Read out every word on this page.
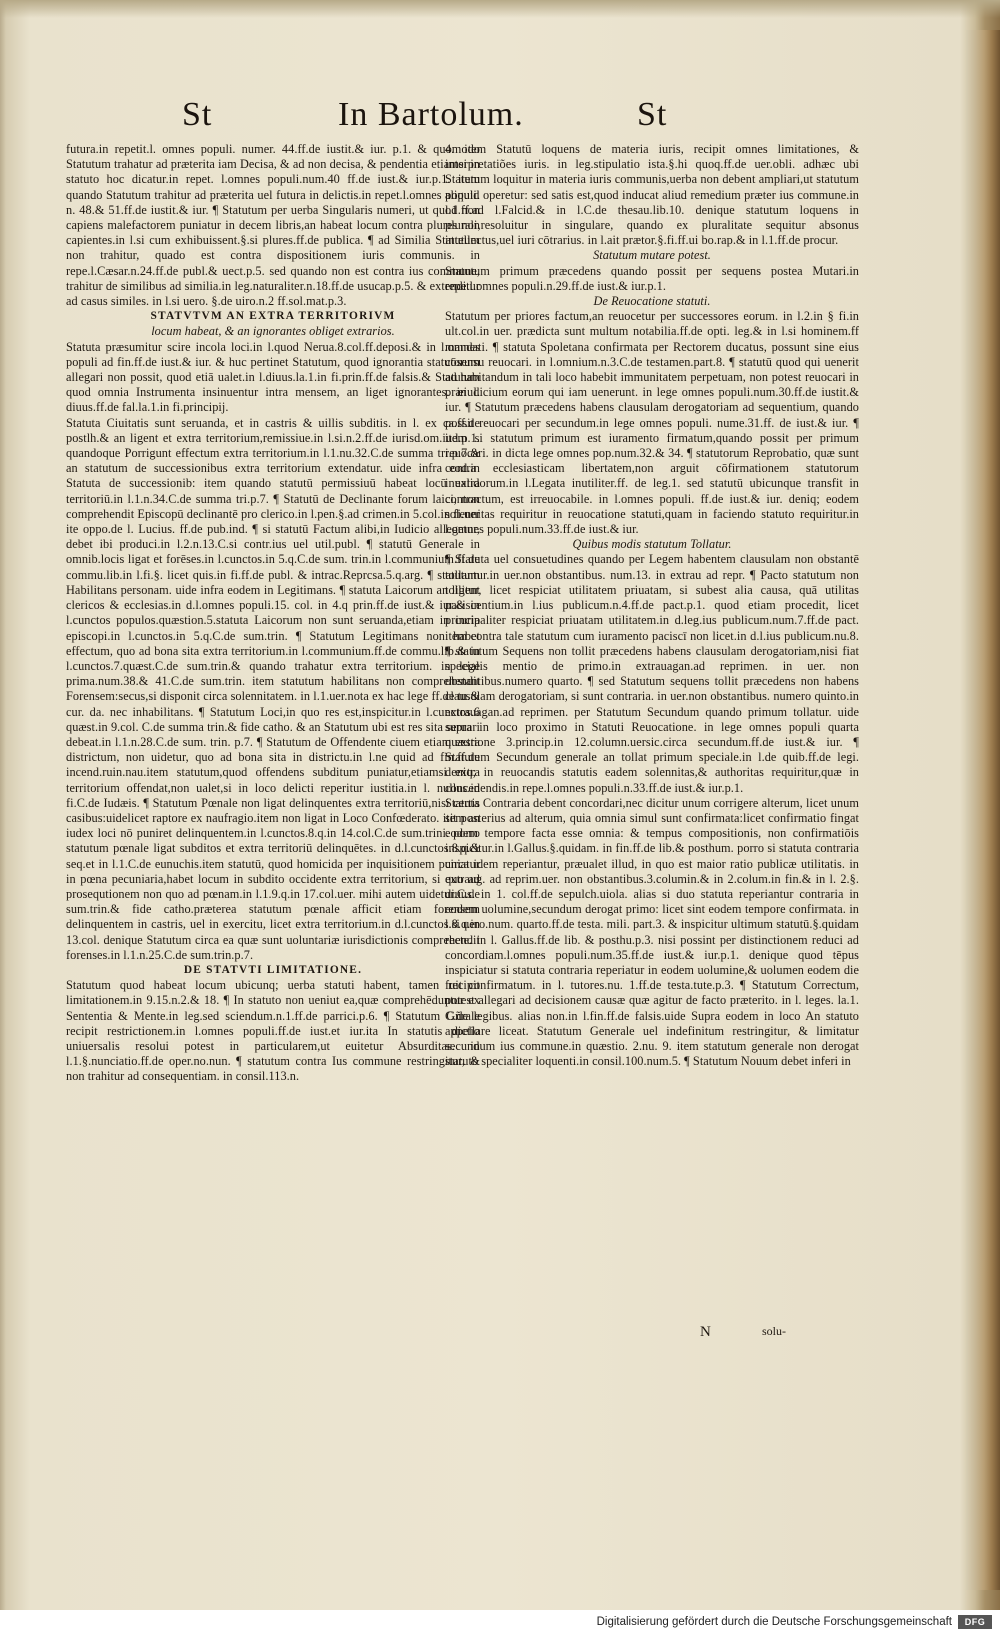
St	In Bartolum.	St

futura.in repetit.l. omnes populi. numer. 44.ff.de iustit.& iur. p.1. & quomodo Statutum trahatur ad præterita iam Decisa, & ad non decisa, & pendentia etiamsi in statuto hoc dicatur.in repet. l.omnes populi.num.40 ff.de iust.& iur.p.1. item quando Statutum trahitur ad præterita uel futura in delictis.in repet.l.omnes populi. n. 48.& 51.ff.de iustit.& iur. ¶ Statutum per uerba Singularis numeri, ut quod non capiens malefactorem puniatur in decem libris,an habeat locum contra plures non capientes.in l.si cum exhibuissent.§.si plures.ff.de publica. ¶ ad Similia Statutum non trahitur, quado est contra dispositionem iuris communis. in repe.l.Cæsar.n.24.ff.de publ.& uect.p.5. sed quando non est contra ius commune, trahitur de similibus ad similia.in leg.naturaliter.n.18.ff.de usucap.p.5. & extenditur ad casus similes. in l.si uero. §.de uiro.n.2 ff.sol.mat.p.3.

STATVTVM AN EXTRA TERRITORIVM

locum habeat, & an ignorantes obliget extrarios.

Statuta præsumitur scire incola loci.in l.quod Nerua.8.col.ff.deposi.& in l.omnes populi ad fin.ff.de iust.& iur. & huc pertinet Statutum, quod ignorantia statutorum allegari non possit, quod etiā ualet.in l.diuus.la.1.in fi.prin.ff.de falsis.& Statutum quod omnia Instrumenta insinuentur intra mensem, an liget ignorantes. in l. diuus.ff.de fal.la.1.in fi.principij.

Statuta Ciuitatis sunt seruanda, et in castris & uillis subditis. in l. ex ca.ff.de postlh.& an ligent et extra territorium,remissiue.in l.si.n.2.ff.de iurisd.om.iud.p.1. quandoque Porrigunt effectum extra territorium.in l.1.nu.32.C.de summa tri.p.7.& an statutum de successionibus extra territorium extendatur. uide infra eod.in Statuta de successionib: item quando statutū permissiuū habeat locū extra territoriū.in l.1.n.34.C.de summa tri.p.7. ¶ Statutū de Declinante forum laici, non comprehendit Episcopū declinantē pro clerico.in l.pen.§.ad crimen.in 5.col.in fi.uer ite oppo.de l. Lucius. ff.de pub.ind. ¶ si statutū Factum alibi,in Iudicio allegetur, debet ibi produci.in l.2.n.13.C.si contr.ius uel util.publ. ¶ statutū Generale in omnib.locis ligat et forēses.in l.cunctos.in 5.q.C.de sum. trin.in l.communium.ff.de commu.lib.in l.fi.§. licet quis.in fi.ff.de publ. & intrac.Reprcsa.5.q.arg. ¶ statutum Habilitans personam. uide infra eodem in Legitimans. ¶ statuta Laicorum an ligent clericos & ecclesias.in d.l.omnes populi.15. col. in 4.q prin.ff.de iust.& iur.& in l.cunctos populos.quæstion.5.statuta Laicorum non sunt seruanda,etiam in curia episcopi.in l.cunctos.in 5.q.C.de sum.trin. ¶ Statutum Legitimans non habet effectum, quo ad bona sita extra territorium.in l.communium.ff.de commu.lib.& in l.cunctos.7.quæst.C.de sum.trin.& quando trahatur extra territorium. in lege prima.num.38.& 41.C.de sum.trin. item statutum habilitans non comprehendit Forensem:secus,si disponit circa solennitatem. in l.1.uer.nota ex hac lege ff.de tu.& cur. da. nec inhabilitans. ¶ Statutum Loci,in quo res est,inspicitur.in l.cunctos.6 quæst.in 9.col. C.de summa trin.& fide catho. & an Statutum ubi est res sita seruari debeat.in l.1.n.28.C.de sum. trin. p.7. ¶ Statutum de Offendente ciuem etiam extra districtum, non uidetur, quo ad bona sita in districtu.in l.ne quid ad fin.ff.de incend.ruin.nau.item statutum,quod offendens subditum puniatur,etiamsi extra territorium offendat,non ualet,si in loco delicti reperitur iustitia.in l. nullus.in fi.C.de Iudæis. ¶ Statutum Pœnale non ligat delinquentes extra territoriū,nisi certis casibus:uidelicet raptore ex naufragio.item non ligat in Loco Confœderato. item an iudex loci nō puniret delinquentem.in l.cunctos.8.q.in 14.col.C.de sum.trini. porro statutum pœnale ligat subditos et extra territoriū delinquētes. in d.l.cunctos.8.q.& seq.et in l.1.C.de eunuchis.item statutū, quod homicida per inquisitionem puniatur in pœna pecuniaria,habet locum in subdito occidente extra territorium, si quo ad prosequtionem non quo ad pœnam.in l.1.9.q.in 17.col.uer. mihi autem uidetur.C.de sum.trin.& fide catho.præterea statutum pœnale afficit etiam forensem delinquentem in castris, uel in exercitu, licet extra territorium.in d.l.cunctos.8.q.in 13.col. denique Statutum circa ea quæ sunt uoluntariæ iurisdictionis comprehendit forenses.in l.1.n.25.C.de sum.trin.p.7.

DE STATVTI LIMITATIONE.

Statutum quod habeat locum ubicunq; uerba statuti habent, tamen recipit limitationem.in 9.15.n.2.& 18. ¶ In statuto non ueniut ea,quæ comprehēduntur ex Sententia & Mente.in leg.sed sciendum.n.1.ff.de parrici.p.6. ¶ Statutum Gñrale recipit restrictionem.in l.omnes populi.ff.de iust.et iur.ita In statutis dictio uniuersalis resolui potest in particularem,ut euitetur Absurditas. in l.1.§.nunciatio.ff.de oper.no.nun. ¶ statutum contra Ius commune restringitur, & non trahitur ad consequentiam. in consil.113.n.

4. item Statutū loquens de materia iuris, recipit omnes limitationes, & interpretatiões iuris. in leg.stipulatio ista.§.hi quoq.ff.de uer.obli. adhæc ubi Statutum loquitur in materia iuris communis,uerba non debent ampliari,ut statutum aliquid operetur: sed satis est,quod inducat aliud remedium præter ius commune.in l.1.ff.ad l.Falcid.& in l.C.de thesau.lib.10. denique statutum loquens in plurali,resoluitur in singulare, quando ex pluralitate sequitur absonus intellectus,uel iuri cōtrarius. in l.ait prætor.§.fi.ff.ui bo.rap.& in l.1.ff.de procur.

Statutum mutare potest.

Statutum primum præcedens quando possit per sequens postea Mutari.in repe.l.omnes populi.n.29.ff.de iust.& iur.p.1.

De Reuocatione statuti.

Statutum per priores factum,an reuocetur per successores eorum. in l.2.in § fi.in ult.col.in uer. prædicta sunt multum notabilia.ff.de opti. leg.& in l.si hominem.ff mandati. ¶ statuta Spoletana confirmata per Rectorem ducatus, possunt sine eius cōsensu reuocari. in l.omnium.n.3.C.de testamen.part.8. ¶ statutū quod qui uenerit ad habitandum in tali loco habebit immunitatem perpetuam, non potest reuocari in præiudicium eorum qui iam uenerunt. in lege omnes populi.num.30.ff.de iustit.& iur. ¶ Statutum præcedens habens clausulam derogatoriam ad sequentium, quando possit reuocari per secundum.in lege omnes populi. nume.31.ff. de iust.& iur. ¶ item si statutum primum est iuramento firmatum,quando possit per primum reuocari. in dicta lege omnes pop.num.32.& 34. ¶ statutorum Reprobatio, quæ sunt contra ecclesiasticam libertatem,non arguit cōfirmationem statutorum inualidorum.in l.Legata inutiliter.ff. de leg.1. sed statutū ubicunque transfit in contractum, est irreuocabile. in l.omnes populi. ff.de iust.& iur. deniq; eodem solennitas requiritur in reuocatione statuti,quam in faciendo statuto requiritur.in l.omnes populi.num.33.ff.de iust.& iur.

Quibus modis statutum Tollatur.

¶ Statuta uel consuetudines quando per Legem habentem clausulam non obstantē tollantur.in uer.non obstantibus. num.13. in extrau ad repr. ¶ Pacto statutum non tollitur, licet respiciat utilitatem priuatam, si subest alia causa, quā utilitas paciscentium.in l.ius publicum.n.4.ff.de pact.p.1. quod etiam procedit, licet principaliter respiciat priuatam utilitatem.in d.leg.ius publicum.num.7.ff.de pact. item contra tale statutum cum iuramento paciscī non licet.in d.l.ius publicum.nu.8. ¶ statutum Sequens non tollit præcedens habens clausulam derogatoriam,nisi fiat specialis mentio de primo.in extrauagan.ad reprimen. in uer. non obstantibus.numero quarto. ¶ sed Statutum sequens tollit præcedens non habens clausulam derogatoriam, si sunt contraria. in uer.non obstantibus. numero quinto.in extrauagan.ad reprimen. per Statutum Secundum quando primum tollatur. uide supra in loco proximo in Statuti Reuocatione. in lege omnes populi quarta quæstione 3.princip.in 12.column.uersic.circa secundum.ff.de iust.& iur. ¶ Statutum Secundum generale an tollat primum speciale.in l.de quib.ff.de legi. deniq; in reuocandis statutis eadem solennitas,& authoritas requiritur,quæ in concedendis.in repe.l.omnes populi.n.33.ff.de iust.& iur.p.1.

Statuta Contraria debent concordari,nec dicitur unum corrigere alterum, licet unum sit posterius ad alterum, quia omnia simul sunt confirmata:licet confirmatio fingat eodem tempore facta esse omnia: & tempus compositionis, non confirmatiōis inspicitur.in l.Gallus.§.quidam. in fin.ff.de lib.& posthum. porro si statuta contraria circa idem reperiantur, præualet illud, in quo est maior ratio publicæ utilitatis. in extraug. ad reprim.uer. non obstantibus.3.columin.& in 2.colum.in fin.& in l. 2.§. diuus. in 1. col.ff.de sepulch.uiola. alias si duo statuta reperiantur contraria in eodem uolumine,secundum derogat primo: licet sint eodem tempore confirmata. in l.si uero.num. quarto.ff.de testa. mili. part.3. & inspicitur ultimum statutū.§.quidam recte. in l. Gallus.ff.de lib. & posthu.p.3. nisi possint per distinctionem reduci ad concordiam.l.omnes populi.num.35.ff.de iust.& iur.p.1. denique quod tēpus inspiciatur si statuta contraria reperiatur in eodem uolumine,& uolumen eodem die fuit confirmatum. in l. tutores.nu. 1.ff.de testa.tute.p.3. ¶ Statutum Correctum, potest allegari ad decisionem causæ quæ agitur de facto præterito. in l. leges. la.1. C.de legibus. alias non.in l.fin.ff.de falsis.uide Supra eodem in loco An statuto appellare liceat. Statutum Generale uel indefinitum restringitur, & limitatur secundum ius commune.in quæstio. 2.nu. 9. item statutum generale non derogat statuto specialiter loquenti.in consil.100.num.5. ¶ Statutum Nouum debet inferi in

N	solu-
Digitalisierung gefördert durch die Deutsche Forschungsgemeinschaft	DFG
